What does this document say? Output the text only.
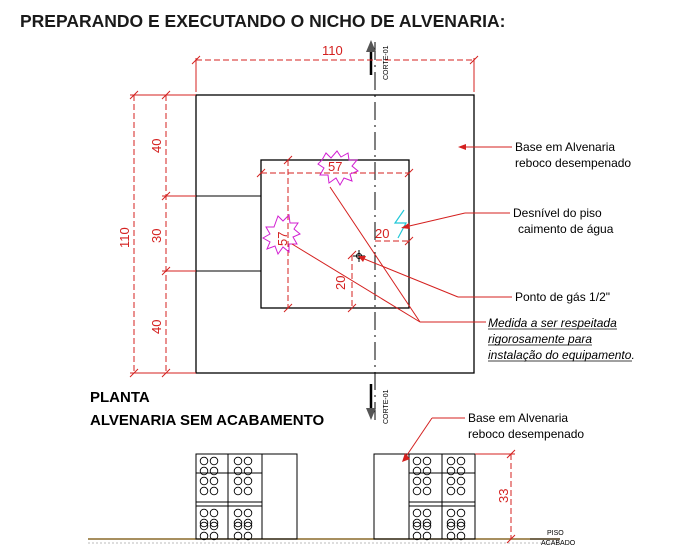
PREPARANDO E EXECUTANDO O NICHO DE ALVENARIA:
CORTE-01
CORTE-01
110
110
40
30
40
57
57	20
20
Base em Alvenaria
reboco desempenado
Desnível do piso
caimento de água
Ponto de gás 1/2"
Medida a ser respeitada
rigorosamente para
instalação do equipamento.
PLANTA
ALVENARIA SEM ACABAMENTO
33
Base em Alvenaria
reboco desempenado
PISO
ACABADO
